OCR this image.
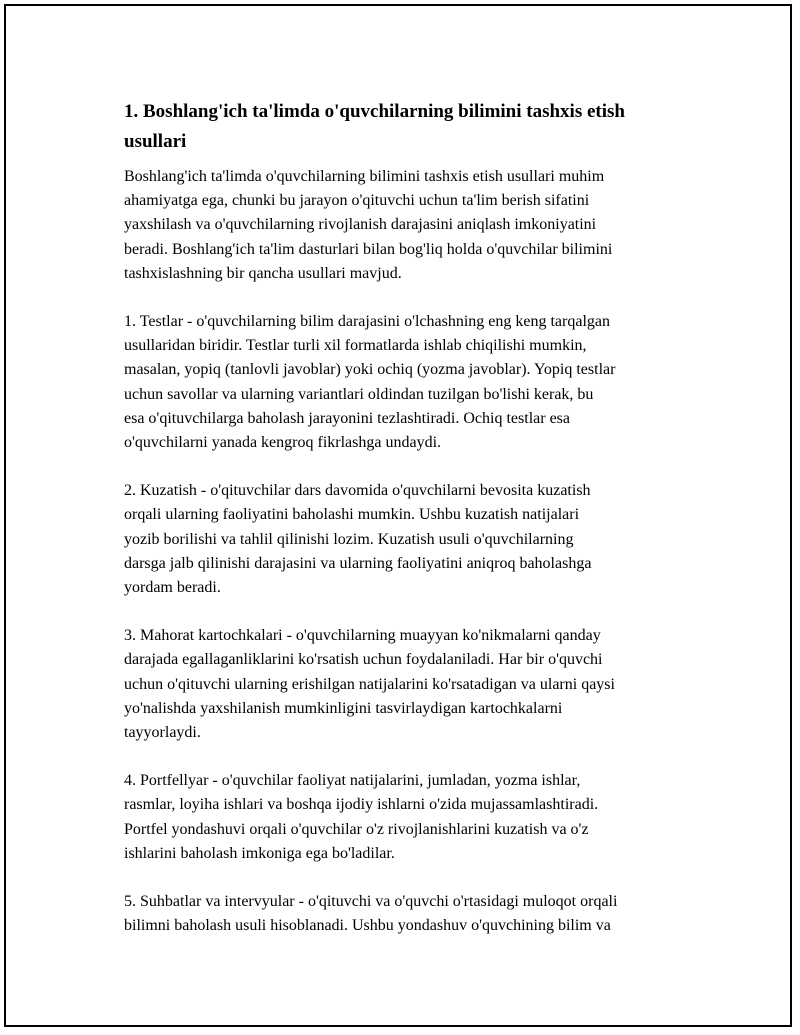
1. Boshlang'ich ta'limda o'quvchilarning bilimini tashxis etish
usullari

Boshlang'ich ta'limda o'quvchilarning bilimini tashxis etish usullari muhim
ahamiyatga ega, chunki bu jarayon o'qituvchi uchun ta'lim berish sifatini
yaxshilash va o'quvchilarning rivojlanish darajasini aniqlash imkoniyatini
beradi. Boshlang'ich ta'lim dasturlari bilan bog'liq holda o'quvchilar bilimini
tashxislashning bir qancha usullari mavjud.

1. Testlar - o'quvchilarning bilim darajasini o'lchashning eng keng tarqalgan
usullaridan biridir. Testlar turli xil formatlarda ishlab chiqilishi mumkin,
masalan, yopiq (tanlovli javoblar) yoki ochiq (yozma javoblar). Yopiq testlar
uchun savollar va ularning variantlari oldindan tuzilgan bo'lishi kerak, bu
esa o'qituvchilarga baholash jarayonini tezlashtiradi. Ochiq testlar esa
o'quvchilarni yanada kengroq fikrlashga undaydi.

2. Kuzatish - o'qituvchilar dars davomida o'quvchilarni bevosita kuzatish
orqali ularning faoliyatini baholashi mumkin. Ushbu kuzatish natijalari
yozib borilishi va tahlil qilinishi lozim. Kuzatish usuli o'quvchilarning
darsga jalb qilinishi darajasini va ularning faoliyatini aniqroq baholashga
yordam beradi.

3. Mahorat kartochkalari - o'quvchilarning muayyan ko'nikmalarni qanday
darajada egallaganliklarini ko'rsatish uchun foydalaniladi. Har bir o'quvchi
uchun o'qituvchi ularning erishilgan natijalarini ko'rsatadigan va ularni qaysi
yo'nalishda yaxshilanish mumkinligini tasvirlaydigan kartochkalarni
tayyorlaydi.

4. Portfellyar - o'quvchilar faoliyat natijalarini, jumladan, yozma ishlar,
rasmlar, loyiha ishlari va boshqa ijodiy ishlarni o'zida mujassamlashtiradi.
Portfel yondashuvi orqali o'quvchilar o'z rivojlanishlarini kuzatish va o'z
ishlarini baholash imkoniga ega bo'ladilar.

5. Suhbatlar va intervyular - o'qituvchi va o'quvchi o'rtasidagi muloqot orqali
bilimni baholash usuli hisoblanadi. Ushbu yondashuv o'quvchining bilim va
